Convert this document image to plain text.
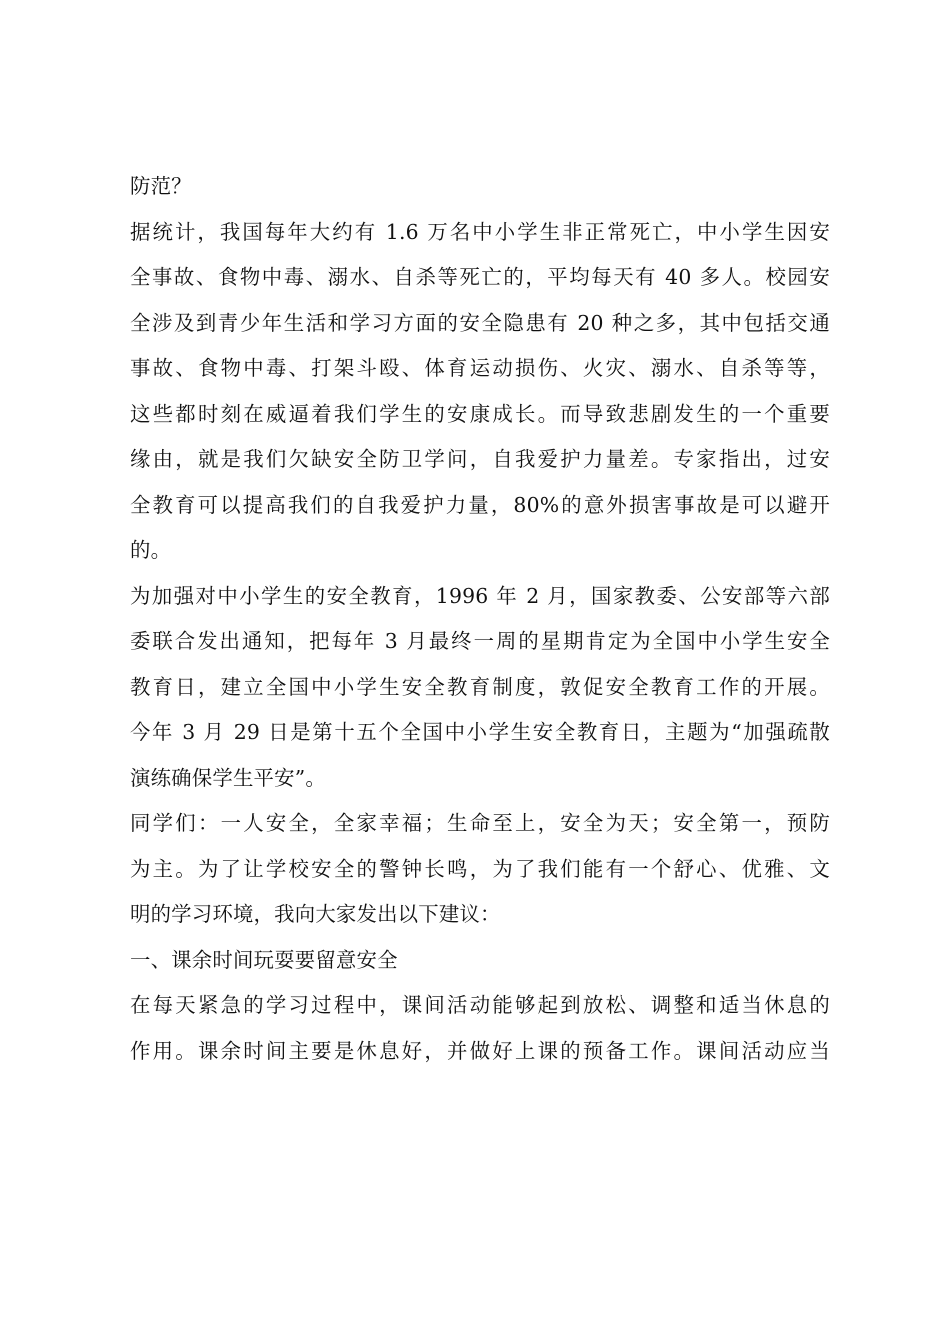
防范？
据统计，我国每年大约有 1.6 万名中小学生非正常死亡，中小学生因安
全事故、食物中毒、溺水、自杀等死亡的，平均每天有 40 多人。校园安
全涉及到青少年生活和学习方面的安全隐患有 20 种之多，其中包括交通
事故、食物中毒、打架斗殴、体育运动损伤、火灾、溺水、自杀等等，
这些都时刻在威逼着我们学生的安康成长。而导致悲剧发生的一个重要
缘由，就是我们欠缺安全防卫学问，自我爱护力量差。专家指出，过安
全教育可以提高我们的自我爱护力量，80%的意外损害事故是可以避开
的。
为加强对中小学生的安全教育，1996 年 2 月，国家教委、公安部等六部
委联合发出通知，把每年 3 月最终一周的星期肯定为全国中小学生安全
教育日，建立全国中小学生安全教育制度，敦促安全教育工作的开展。
今年 3 月 29 日是第十五个全国中小学生安全教育日，主题为“加强疏散
演练确保学生平安”。
同学们：一人安全，全家幸福；生命至上，安全为天；安全第一，预防
为主。为了让学校安全的警钟长鸣，为了我们能有一个舒心、优雅、文
明的学习环境，我向大家发出以下建议：
一、课余时间玩耍要留意安全
在每天紧急的学习过程中，课间活动能够起到放松、调整和适当休息的
作用。课余时间主要是休息好，并做好上课的预备工作。课间活动应当
